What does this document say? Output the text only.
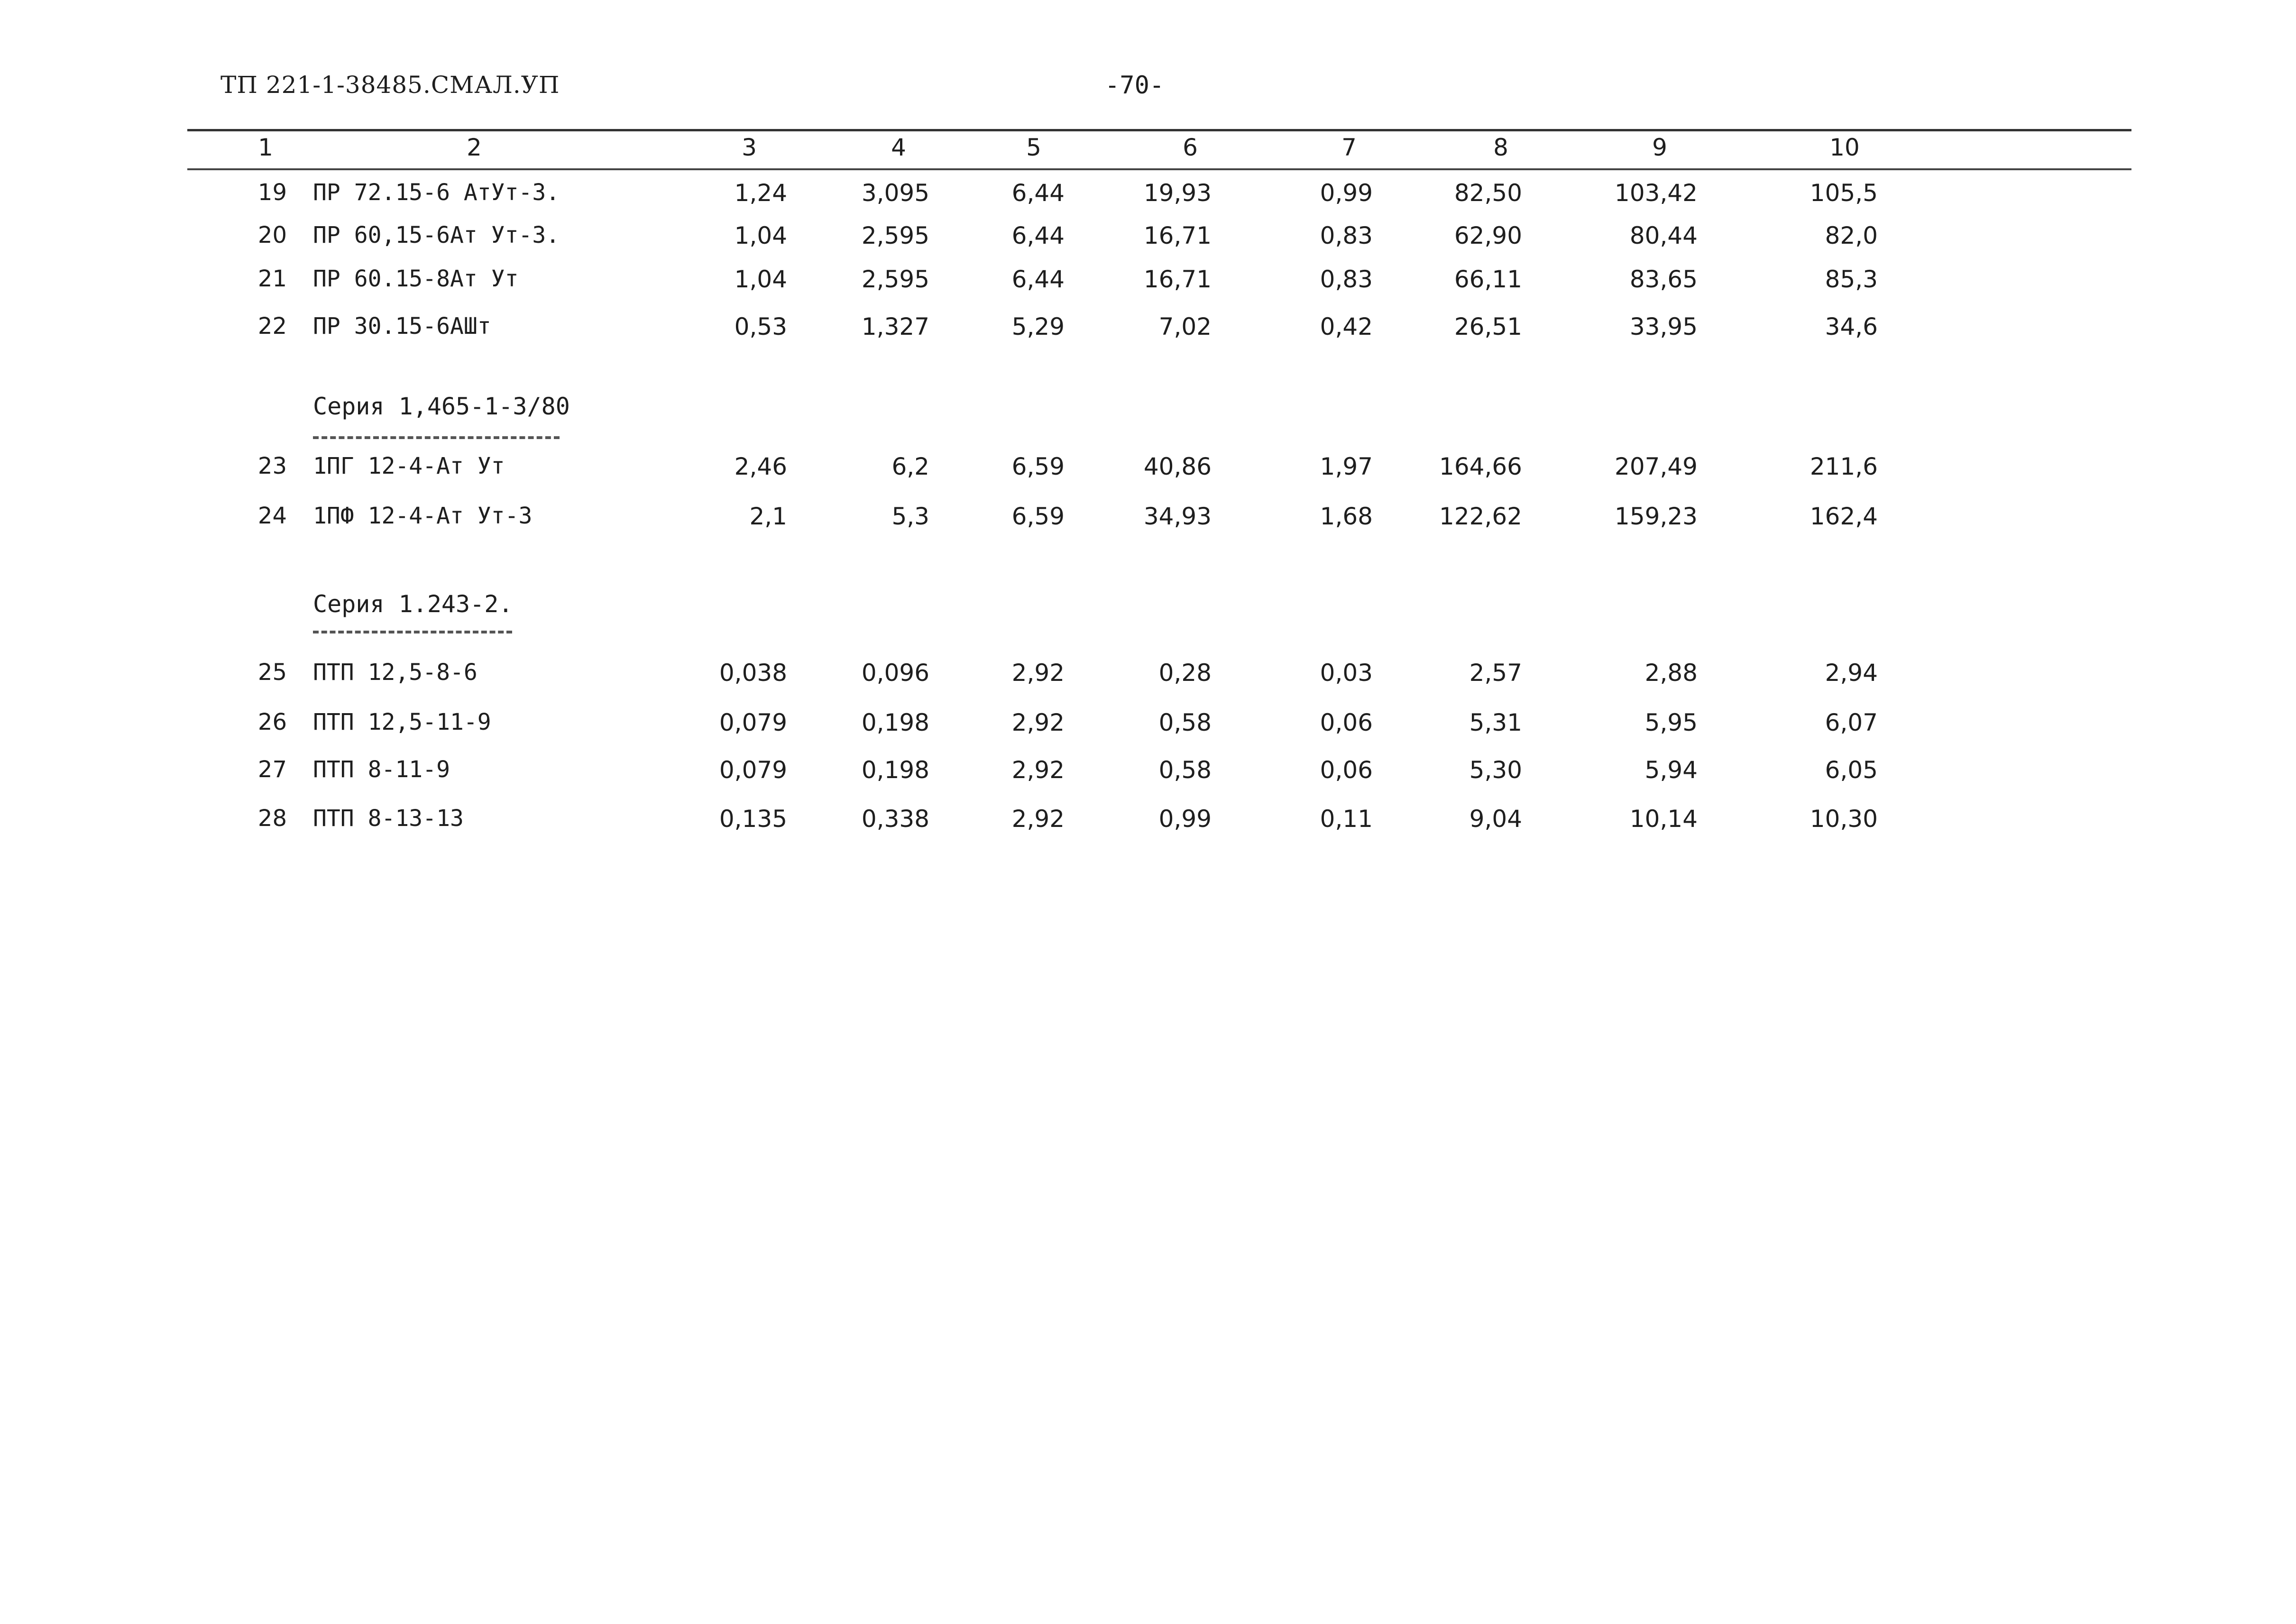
ТП 221-1-38485.СМАЛ.УП	-70-
1	2	3	4	5	6	7	8	9	10
19 ПР 72.15-6 АтУт-3.	1,24	3,095	6,44	19,93	0,99	82,50	103,42	105,5
20 ПР 60,15-6Ат Ут-3.	1,04	2,595	6,44	16,71	0,83	62,90	80,44	82,0
21 ПР 60.15-8Ат Ут	1,04	2,595	6,44	16,71	0,83	66,11	83,65	85,3
22 ПР 30.15-6АШт	0,53	1,327	5,29	7,02	0,42	26,51	33,95	34,6
Серия 1,465-1-3/80
23 1ПГ 12-4-Ат Ут	2,46	6,2	6,59	40,86	1,97	164,66	207,49	211,6
24 1ПФ 12-4-Ат Ут-3	2,1	5,3	6,59	34,93	1,68	122,62	159,23	162,4
Серия 1.243-2.
25 ПТП 12,5-8-6	0,038	0,096	2,92	0,28	0,03	2,57	2,88	2,94
26 ПТП 12,5-11-9	0,079	0,198	2,92	0,58	0,06	5,31	5,95	6,07
27 ПТП 8-11-9	0,079	0,198	2,92	0,58	0,06	5,30	5,94	6,05
28 ПТП 8-13-13	0,135	0,338	2,92	0,99	0,11	9,04	10,14	10,30
